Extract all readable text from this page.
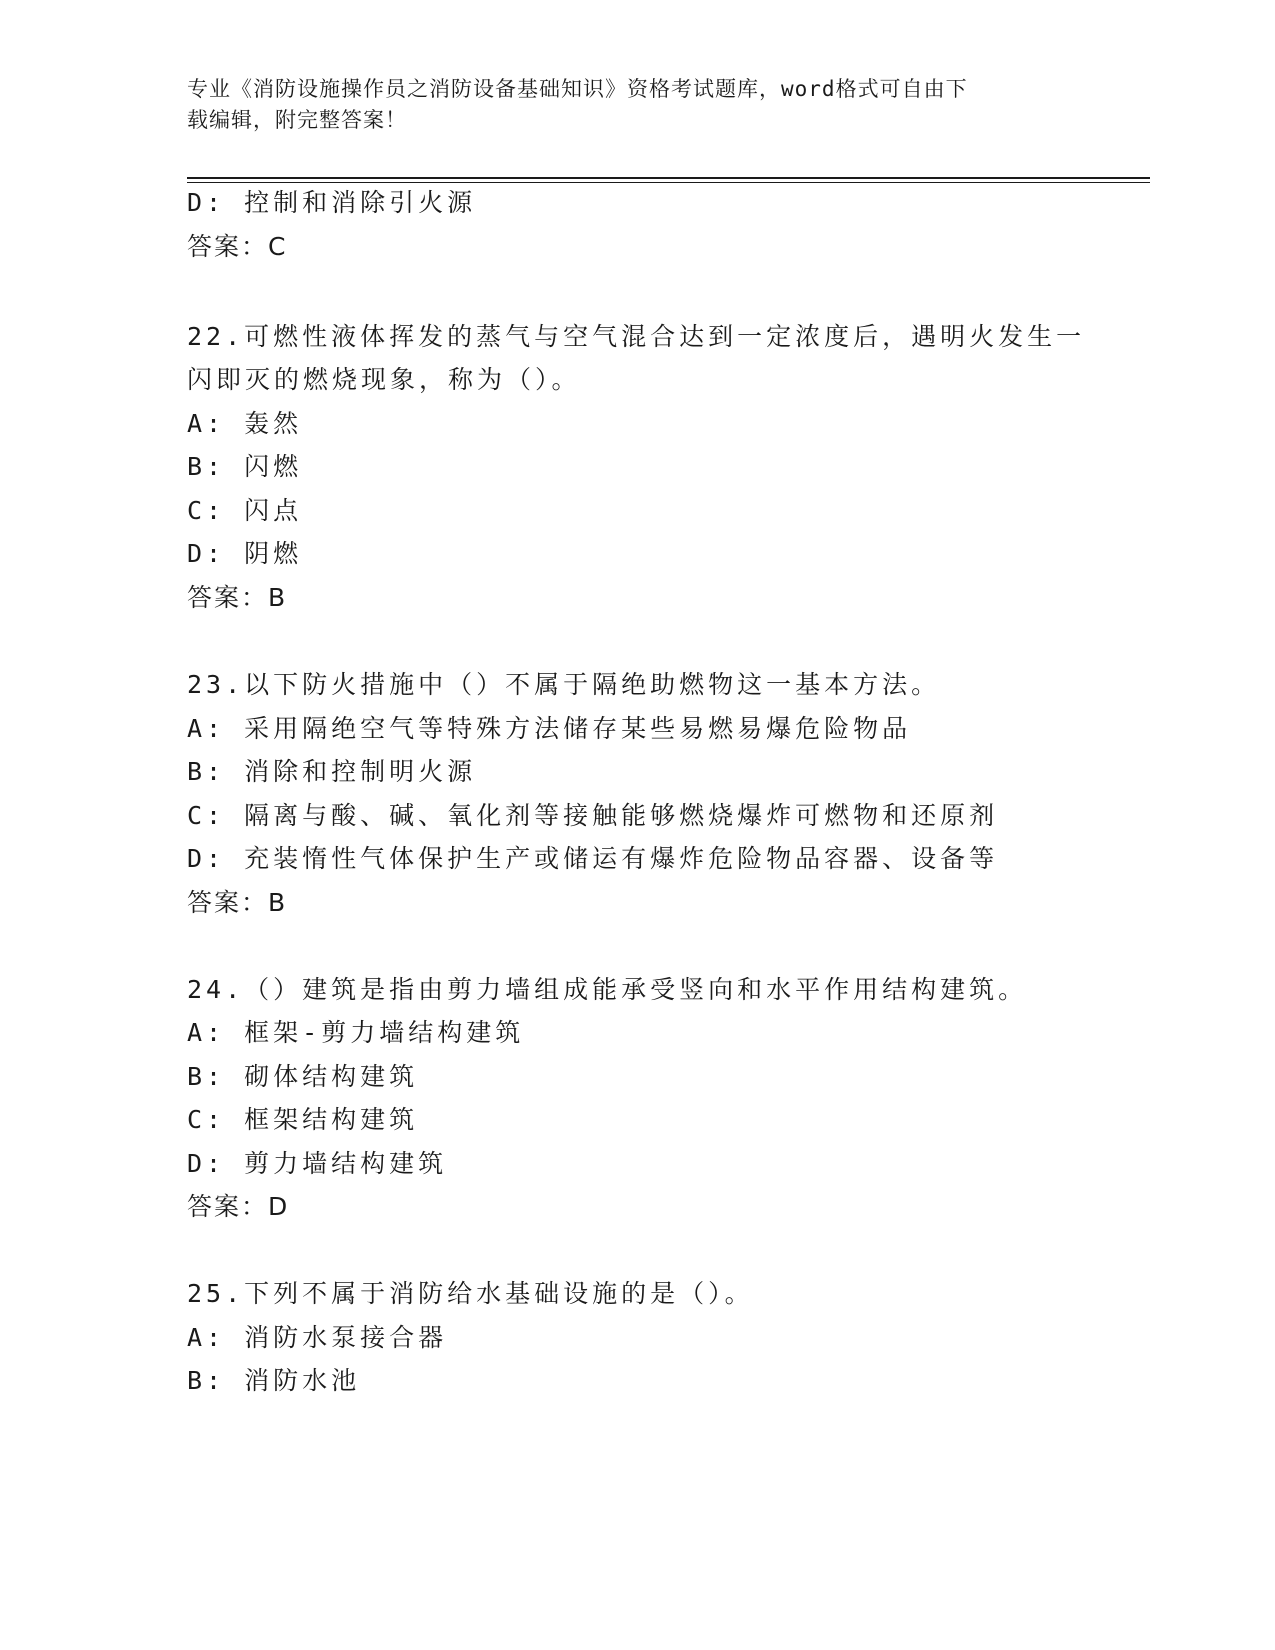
专业《消防设施操作员之消防设备基础知识》资格考试题库，word格式可自由下
载编辑，附完整答案！
D: 控制和消除引火源
答案：C
22.可燃性液体挥发的蒸气与空气混合达到一定浓度后，遇明火发生一
闪即灭的燃烧现象，称为（）。
A: 轰然
B: 闪燃
C: 闪点
D: 阴燃
答案：B
23.以下防火措施中（）不属于隔绝助燃物这一基本方法。
A: 采用隔绝空气等特殊方法储存某些易燃易爆危险物品
B: 消除和控制明火源
C: 隔离与酸、碱、氧化剂等接触能够燃烧爆炸可燃物和还原剂
D: 充装惰性气体保护生产或储运有爆炸危险物品容器、设备等
答案：B
24.（）建筑是指由剪力墙组成能承受竖向和水平作用结构建筑。
A: 框架-剪力墙结构建筑
B: 砌体结构建筑
C: 框架结构建筑
D: 剪力墙结构建筑
答案：D
25.下列不属于消防给水基础设施的是（）。
A: 消防水泵接合器
B: 消防水池
